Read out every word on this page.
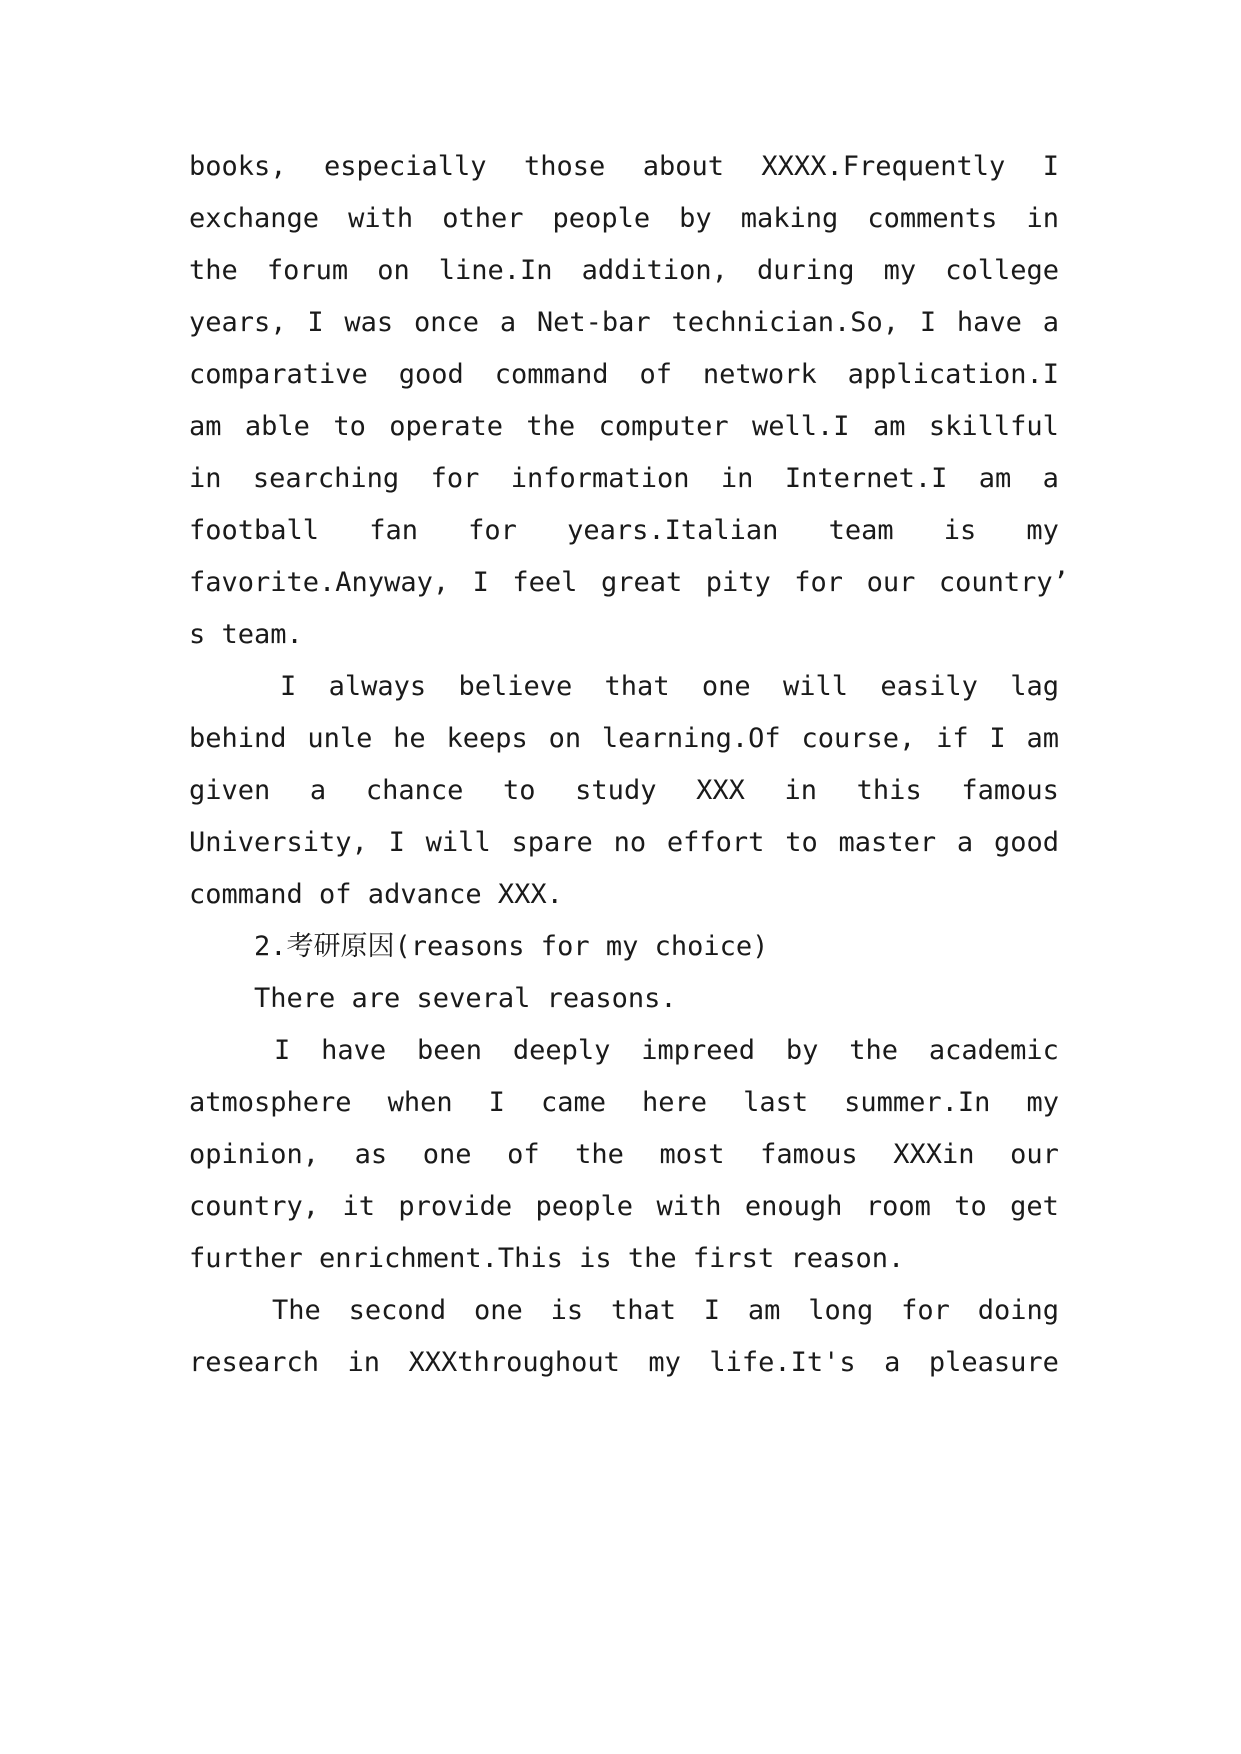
books, especially those about XXXX.Frequently I
exchange with other people by making comments in
the forum on line.In addition, during my college
years, I was once a Net-bar technician.So, I have a
comparative good command of network application.I
am able to operate the computer well.I am skillful
in searching for information in Internet.I am a
football fan for years.Italian team is my
favorite.Anyway, I feel great pity for our country’
s team.
I always believe that one will easily lag
behind unle he keeps on learning.Of course, if I am
given a chance to study XXX in this famous
University, I will spare no effort to master a good
command of advance XXX.
2.考研原因(reasons for my choice)
There are several reasons.
I have been deeply impreed by the academic
atmosphere when I came here last summer.In my
opinion, as one of the most famous XXXin our
country, it provide people with enough room to get
further enrichment.This is the first reason.
The second one is that I am long for doing
research in XXXthroughout my life.It's a pleasure
